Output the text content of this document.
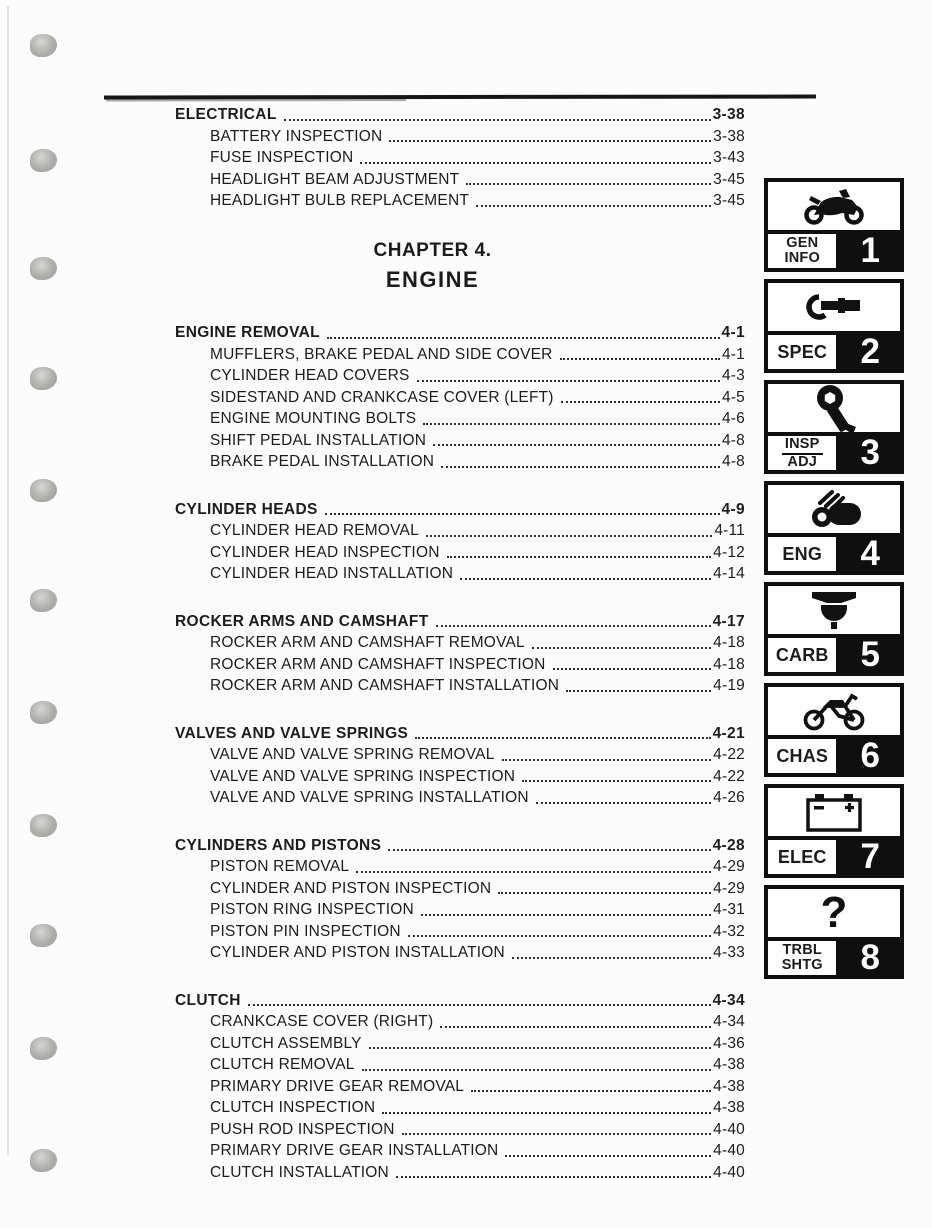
ELECTRICAL	3-38
BATTERY INSPECTION	3-38
FUSE INSPECTION	3-43
HEADLIGHT BEAM ADJUSTMENT	3-45
HEADLIGHT BULB REPLACEMENT	3-45
CHAPTER 4.
ENGINE
ENGINE REMOVAL	4-1
MUFFLERS, BRAKE PEDAL AND SIDE COVER	4-1
CYLINDER HEAD COVERS	4-3
SIDESTAND AND CRANKCASE COVER (LEFT)	4-5
ENGINE MOUNTING BOLTS	4-6
SHIFT PEDAL INSTALLATION	4-8
BRAKE PEDAL INSTALLATION	4-8
CYLINDER HEADS	4-9
CYLINDER HEAD REMOVAL	4-11
CYLINDER HEAD INSPECTION	4-12
CYLINDER HEAD INSTALLATION	4-14
ROCKER ARMS AND CAMSHAFT	4-17
ROCKER ARM AND CAMSHAFT REMOVAL	4-18
ROCKER ARM AND CAMSHAFT INSPECTION	4-18
ROCKER ARM AND CAMSHAFT INSTALLATION	4-19
VALVES AND VALVE SPRINGS	4-21
VALVE AND VALVE SPRING REMOVAL	4-22
VALVE AND VALVE SPRING INSPECTION	4-22
VALVE AND VALVE SPRING INSTALLATION	4-26
CYLINDERS AND PISTONS	4-28
PISTON REMOVAL	4-29
CYLINDER AND PISTON INSPECTION	4-29
PISTON RING INSPECTION	4-31
PISTON PIN INSPECTION	4-32
CYLINDER AND PISTON INSTALLATION	4-33
CLUTCH	4-34
CRANKCASE COVER (RIGHT)	4-34
CLUTCH ASSEMBLY	4-36
CLUTCH REMOVAL	4-38
PRIMARY DRIVE GEAR REMOVAL	4-38
CLUTCH INSPECTION	4-38
PUSH ROD INSPECTION	4-40
PRIMARY DRIVE GEAR INSTALLATION	4-40
CLUTCH INSTALLATION	4-40
GEN
INFO	1
SPEC 2
INSP
ADJ	3
ENG	4
CARB 5
CHAS 6
ELEC 7
?
TRBL
SHTG	8
